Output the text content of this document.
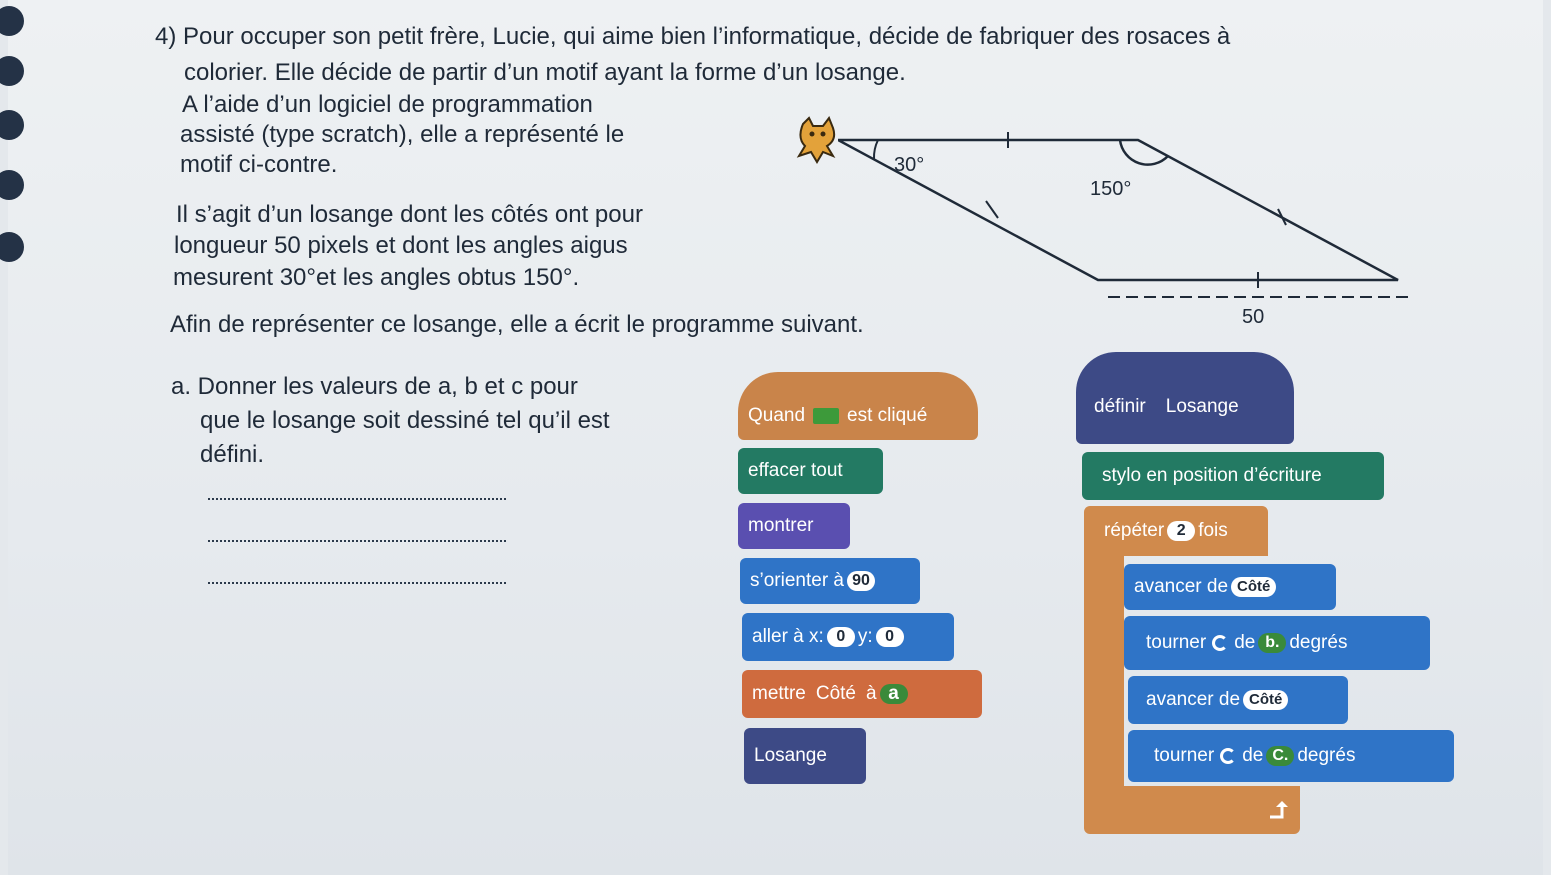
4) Pour occuper son petit frère, Lucie, qui aime bien l’informatique, décide de fabriquer des rosaces à
colorier. Elle décide de partir d’un motif ayant la forme d’un losange.
A l’aide d’un logiciel de programmation
assisté (type scratch), elle a représenté le
motif ci-contre.
Il s’agit d’un losange dont les côtés ont pour
longueur 50 pixels et dont les angles aigus
mesurent 30°et les angles obtus 150°.
Afin de représenter ce losange, elle a écrit le programme suivant.
30°
150°
50
a. Donner les valeurs de a, b et c pour
que le losange soit dessiné tel qu’il est
défini.
Quand est cliqué
effacer tout
montrer
s’orienter à 90
aller à x: 0 y: 0
mettre Côté à a
Losange
définir Losange
stylo en position d’écriture
répéter 2 fois
avancer de Côté
tourner de b. degrés
avancer de Côté
tourner de C. degrés
